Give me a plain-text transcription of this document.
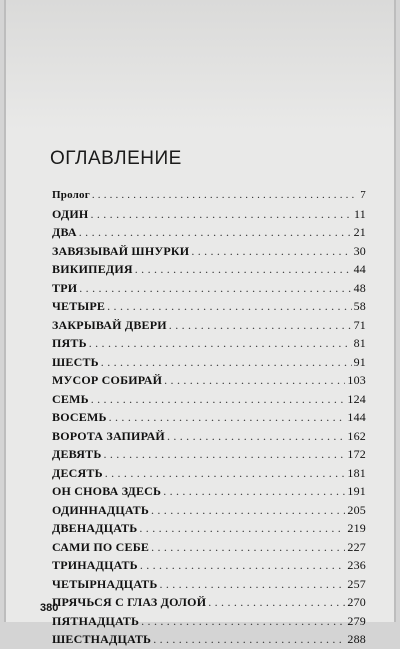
ОГЛАВЛЕНИЕ
Пролог . . .	7
ОДИН . . .	11
ДВА . . .	21
ЗАВЯЗЫВАЙ ШНУРКИ . . .	30
ВИКИПЕДИЯ . . .	44
ТРИ . . .	48
ЧЕТЫРЕ . . .	58
ЗАКРЫВАЙ ДВЕРИ . . .	71
ПЯТЬ . . .	81
ШЕСТЬ . . .	91
МУСОР СОБИРАЙ . . .	103
СЕМЬ . . .	124
ВОСЕМЬ . . .	144
ВОРОТА ЗАПИРАЙ . . .	162
ДЕВЯТЬ . . .	172
ДЕСЯТЬ . . .	181
ОН СНОВА ЗДЕСЬ . . .	191
ОДИННАДЦАТЬ . . .	205
ДВЕНАДЦАТЬ . . .	219
САМИ ПО СЕБЕ . . .	227
ТРИНАДЦАТЬ . . .	236
ЧЕТЫРНАДЦАТЬ . . .	257
ПРЯЧЬСЯ С ГЛАЗ ДОЛОЙ . . .	270
ПЯТНАДЦАТЬ . . .	279
ШЕСТНАДЦАТЬ . . .	288
380
